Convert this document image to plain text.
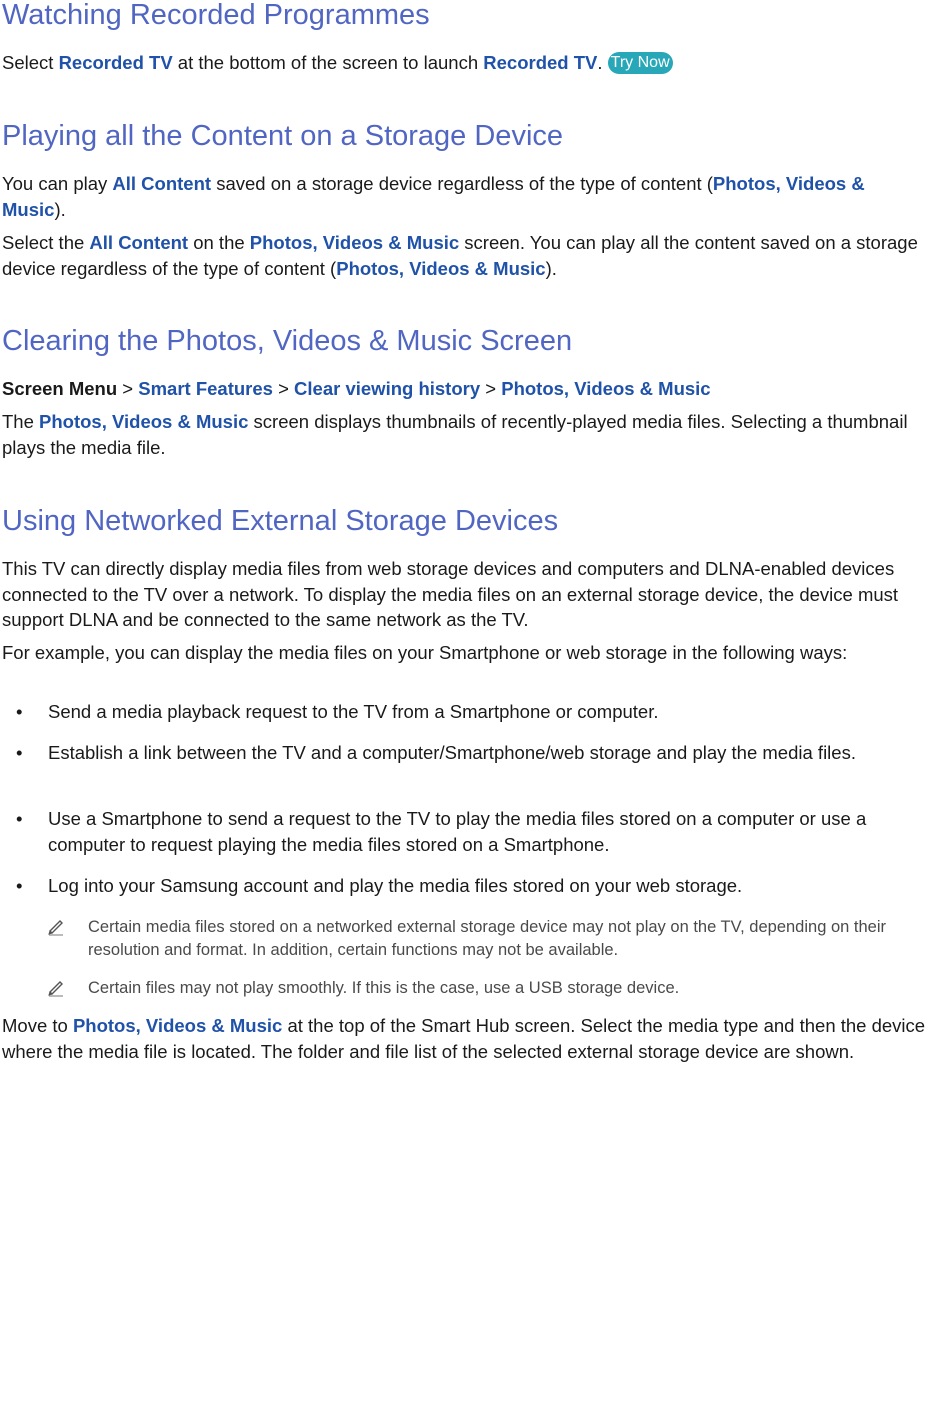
Watching Recorded Programmes

Select Recorded TV at the bottom of the screen to launch Recorded TV. Try Now

Playing all the Content on a Storage Device

You can play All Content saved on a storage device regardless of the type of content (Photos, Videos & Music).

Select the All Content on the Photos, Videos & Music screen. You can play all the content saved on a storage device regardless of the type of content (Photos, Videos & Music).

Clearing the Photos, Videos & Music Screen

Screen Menu > Smart Features > Clear viewing history > Photos, Videos & Music

The Photos, Videos & Music screen displays thumbnails of recently-played media files. Selecting a thumbnail plays the media file.

Using Networked External Storage Devices

This TV can directly display media files from web storage devices and computers and DLNA-enabled devices connected to the TV over a network. To display the media files on an external storage device, the device must support DLNA and be connected to the same network as the TV.

For example, you can display the media files on your Smartphone or web storage in the following ways:

• Send a media playback request to the TV from a Smartphone or computer.
• Establish a link between the TV and a computer/Smartphone/web storage and play the media files.
• Use a Smartphone to send a request to the TV to play the media files stored on a computer or use a computer to request playing the media files stored on a Smartphone.
• Log into your Samsung account and play the media files stored on your web storage.
Certain media files stored on a networked external storage device may not play on the TV, depending on their resolution and format. In addition, certain functions may not be available.
Certain files may not play smoothly. If this is the case, use a USB storage device.

Move to Photos, Videos & Music at the top of the Smart Hub screen. Select the media type and then the device where the media file is located. The folder and file list of the selected external storage device are shown.
